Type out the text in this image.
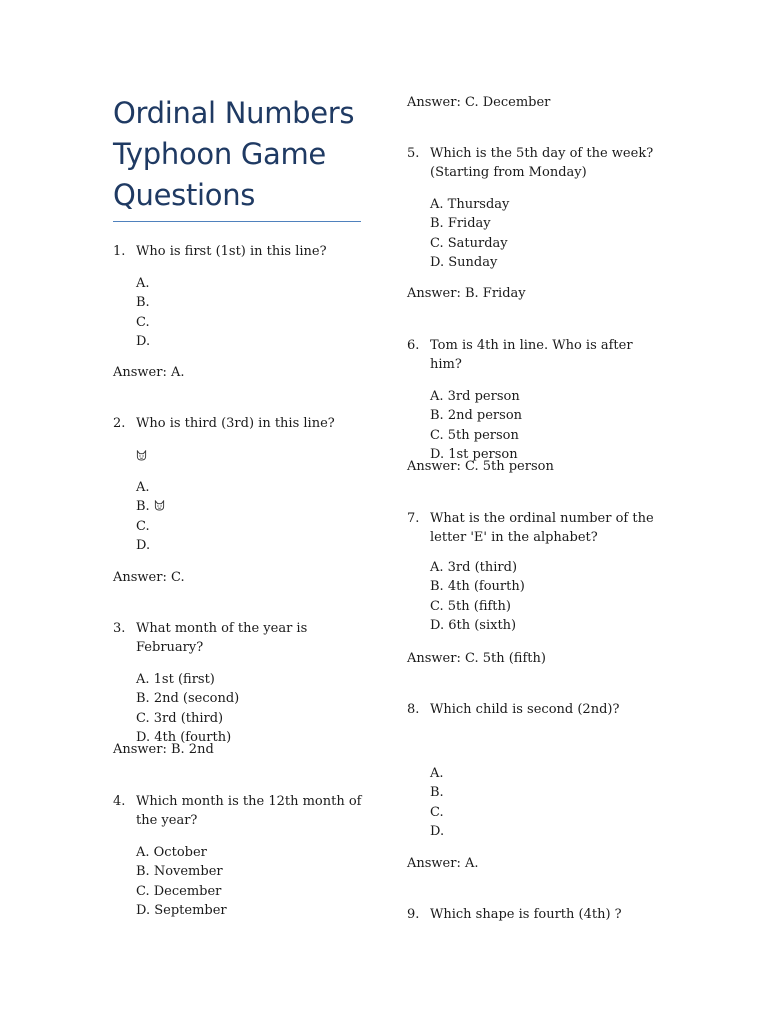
Ordinal Numbers Typhoon Game Questions
1. Who is first (1st) in this line?
A.
B.
C.
D.
Answer: A.
2. Who is third (3rd) in this line?
A.
B.
C.
D.
Answer: C.
3. What month of the year is February?
A. 1st (first)
B. 2nd (second)
C. 3rd (third)
D. 4th (fourth)
Answer: B. 2nd
4. Which month is the 12th month of the year?
A. October
B. November
C. December
D. September
Answer: C. December
5. Which is the 5th day of the week? (Starting from Monday)
A. Thursday
B. Friday
C. Saturday
D. Sunday
Answer: B. Friday
6. Tom is 4th in line. Who is after him?
A. 3rd person
B. 2nd person
C. 5th person
D. 1st person
Answer: C. 5th person
7. What is the ordinal number of the letter 'E' in the alphabet?
A. 3rd (third)
B. 4th (fourth)
C. 5th (fifth)
D. 6th (sixth)
Answer: C. 5th (fifth)
8. Which child is second (2nd)?
A.
B.
C.
D.
Answer: A.
9. Which shape is fourth (4th) ?
